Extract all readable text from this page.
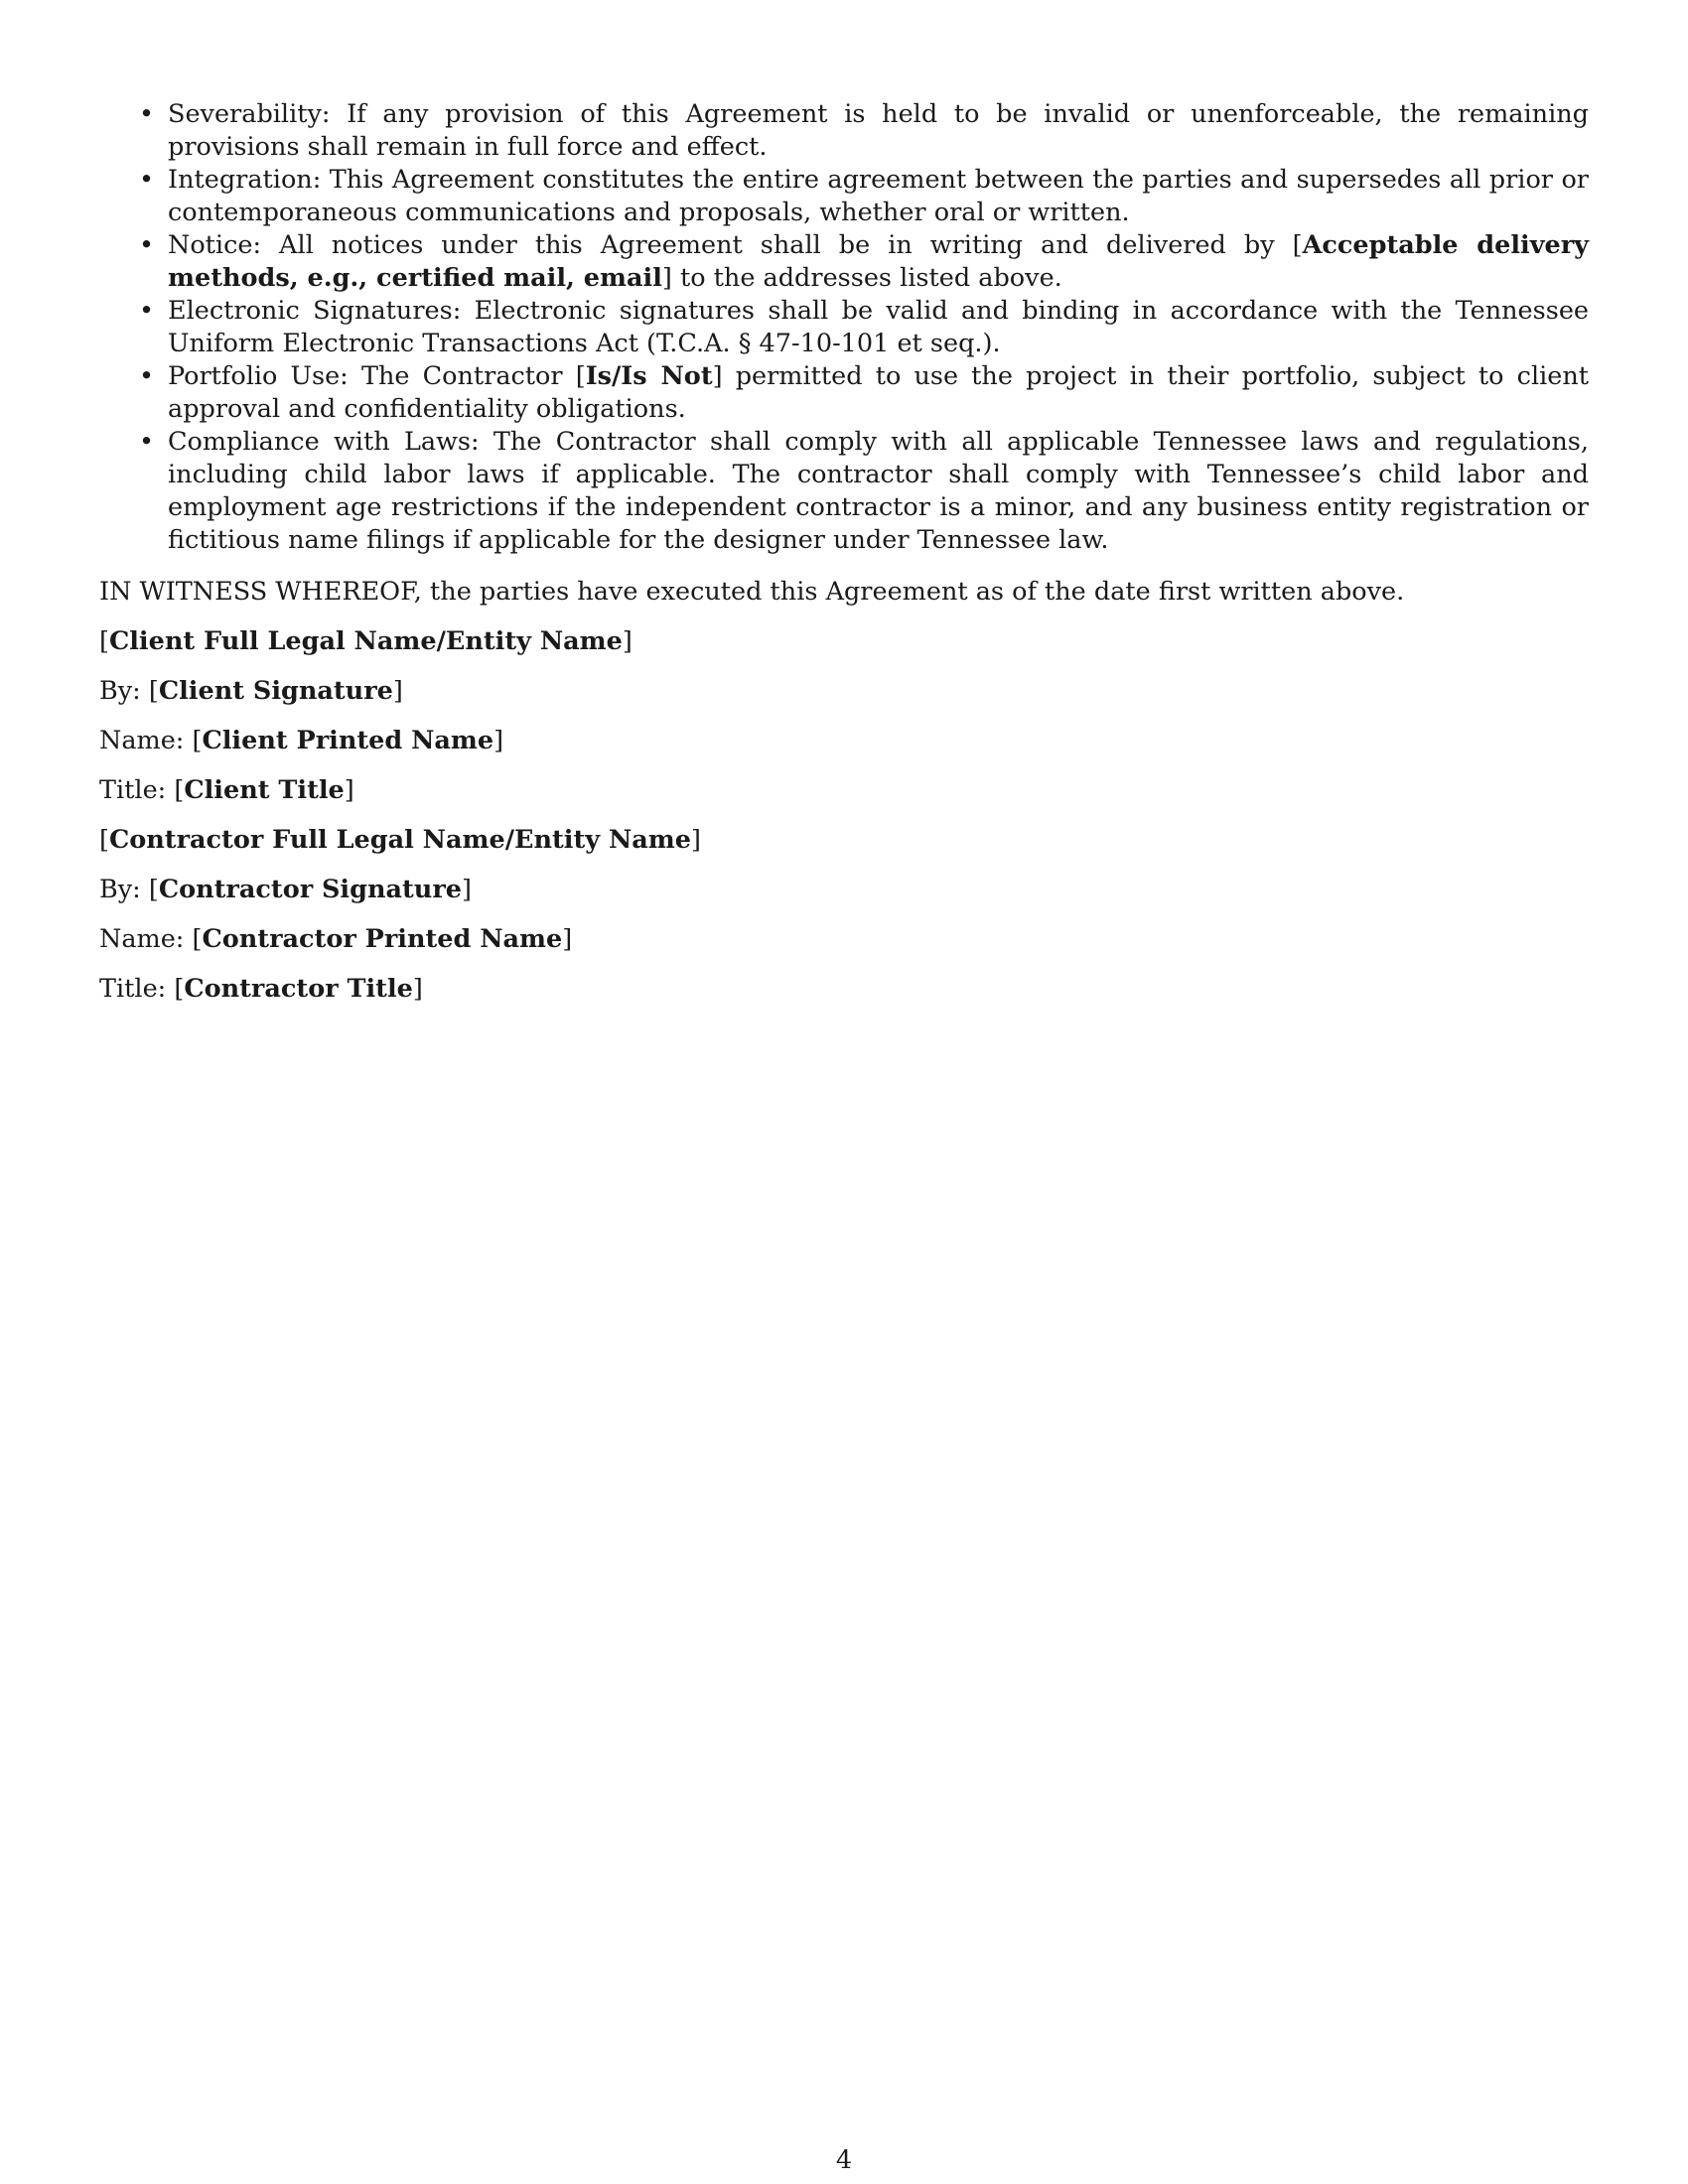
• Severability: If any provision of this Agreement is held to be invalid or unenforceable, the remaining provisions shall remain in full force and effect.
• Integration: This Agreement constitutes the entire agreement between the parties and supersedes all prior or contemporaneous communications and proposals, whether oral or written.
• Notice: All notices under this Agreement shall be in writing and delivered by [Acceptable delivery methods, e.g., certified mail, email] to the addresses listed above.
• Electronic Signatures: Electronic signatures shall be valid and binding in accordance with the Tennessee Uniform Electronic Transactions Act (T.C.A. § 47-10-101 et seq.).
• Portfolio Use: The Contractor [Is/Is Not] permitted to use the project in their portfolio, subject to client approval and confidentiality obligations.
• Compliance with Laws: The Contractor shall comply with all applicable Tennessee laws and regulations, including child labor laws if applicable. The contractor shall comply with Tennessee’s child labor and employment age restrictions if the independent contractor is a minor, and any business entity registration or fictitious name filings if applicable for the designer under Tennessee law.

IN WITNESS WHEREOF, the parties have executed this Agreement as of the date first written above.

[Client Full Legal Name/Entity Name]

By: [Client Signature]

Name: [Client Printed Name]

Title: [Client Title]

[Contractor Full Legal Name/Entity Name]

By: [Contractor Signature]

Name: [Contractor Printed Name]

Title: [Contractor Title]

4
